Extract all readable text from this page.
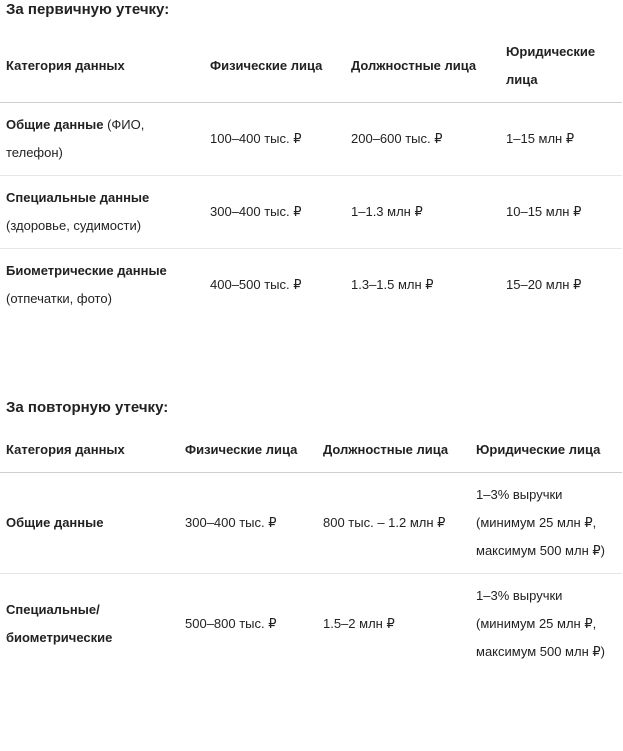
За первичную утечку:
Категория данных	Физические лица	Должностные лица	Юридические лица
Общие данные (ФИО, телефон)	100–400 тыс. ₽	200–600 тыс. ₽	1–15 млн ₽
Специальные данные (здоровье, судимости)	300–400 тыс. ₽	1–1.3 млн ₽	10–15 млн ₽
Биометрические данные (отпечатки, фото)	400–500 тыс. ₽	1.3–1.5 млн ₽	15–20 млн ₽
За повторную утечку:
Категория данных	Физические лица	Должностные лица	Юридические лица
Общие данные	300–400 тыс. ₽	800 тыс. – 1.2 млн ₽	1–3% выручки (минимум 25 млн ₽, максимум 500 млн ₽)
Специальные/ биометрические	500–800 тыс. ₽	1.5–2 млн ₽	1–3% выручки (минимум 25 млн ₽, максимум 500 млн ₽)
